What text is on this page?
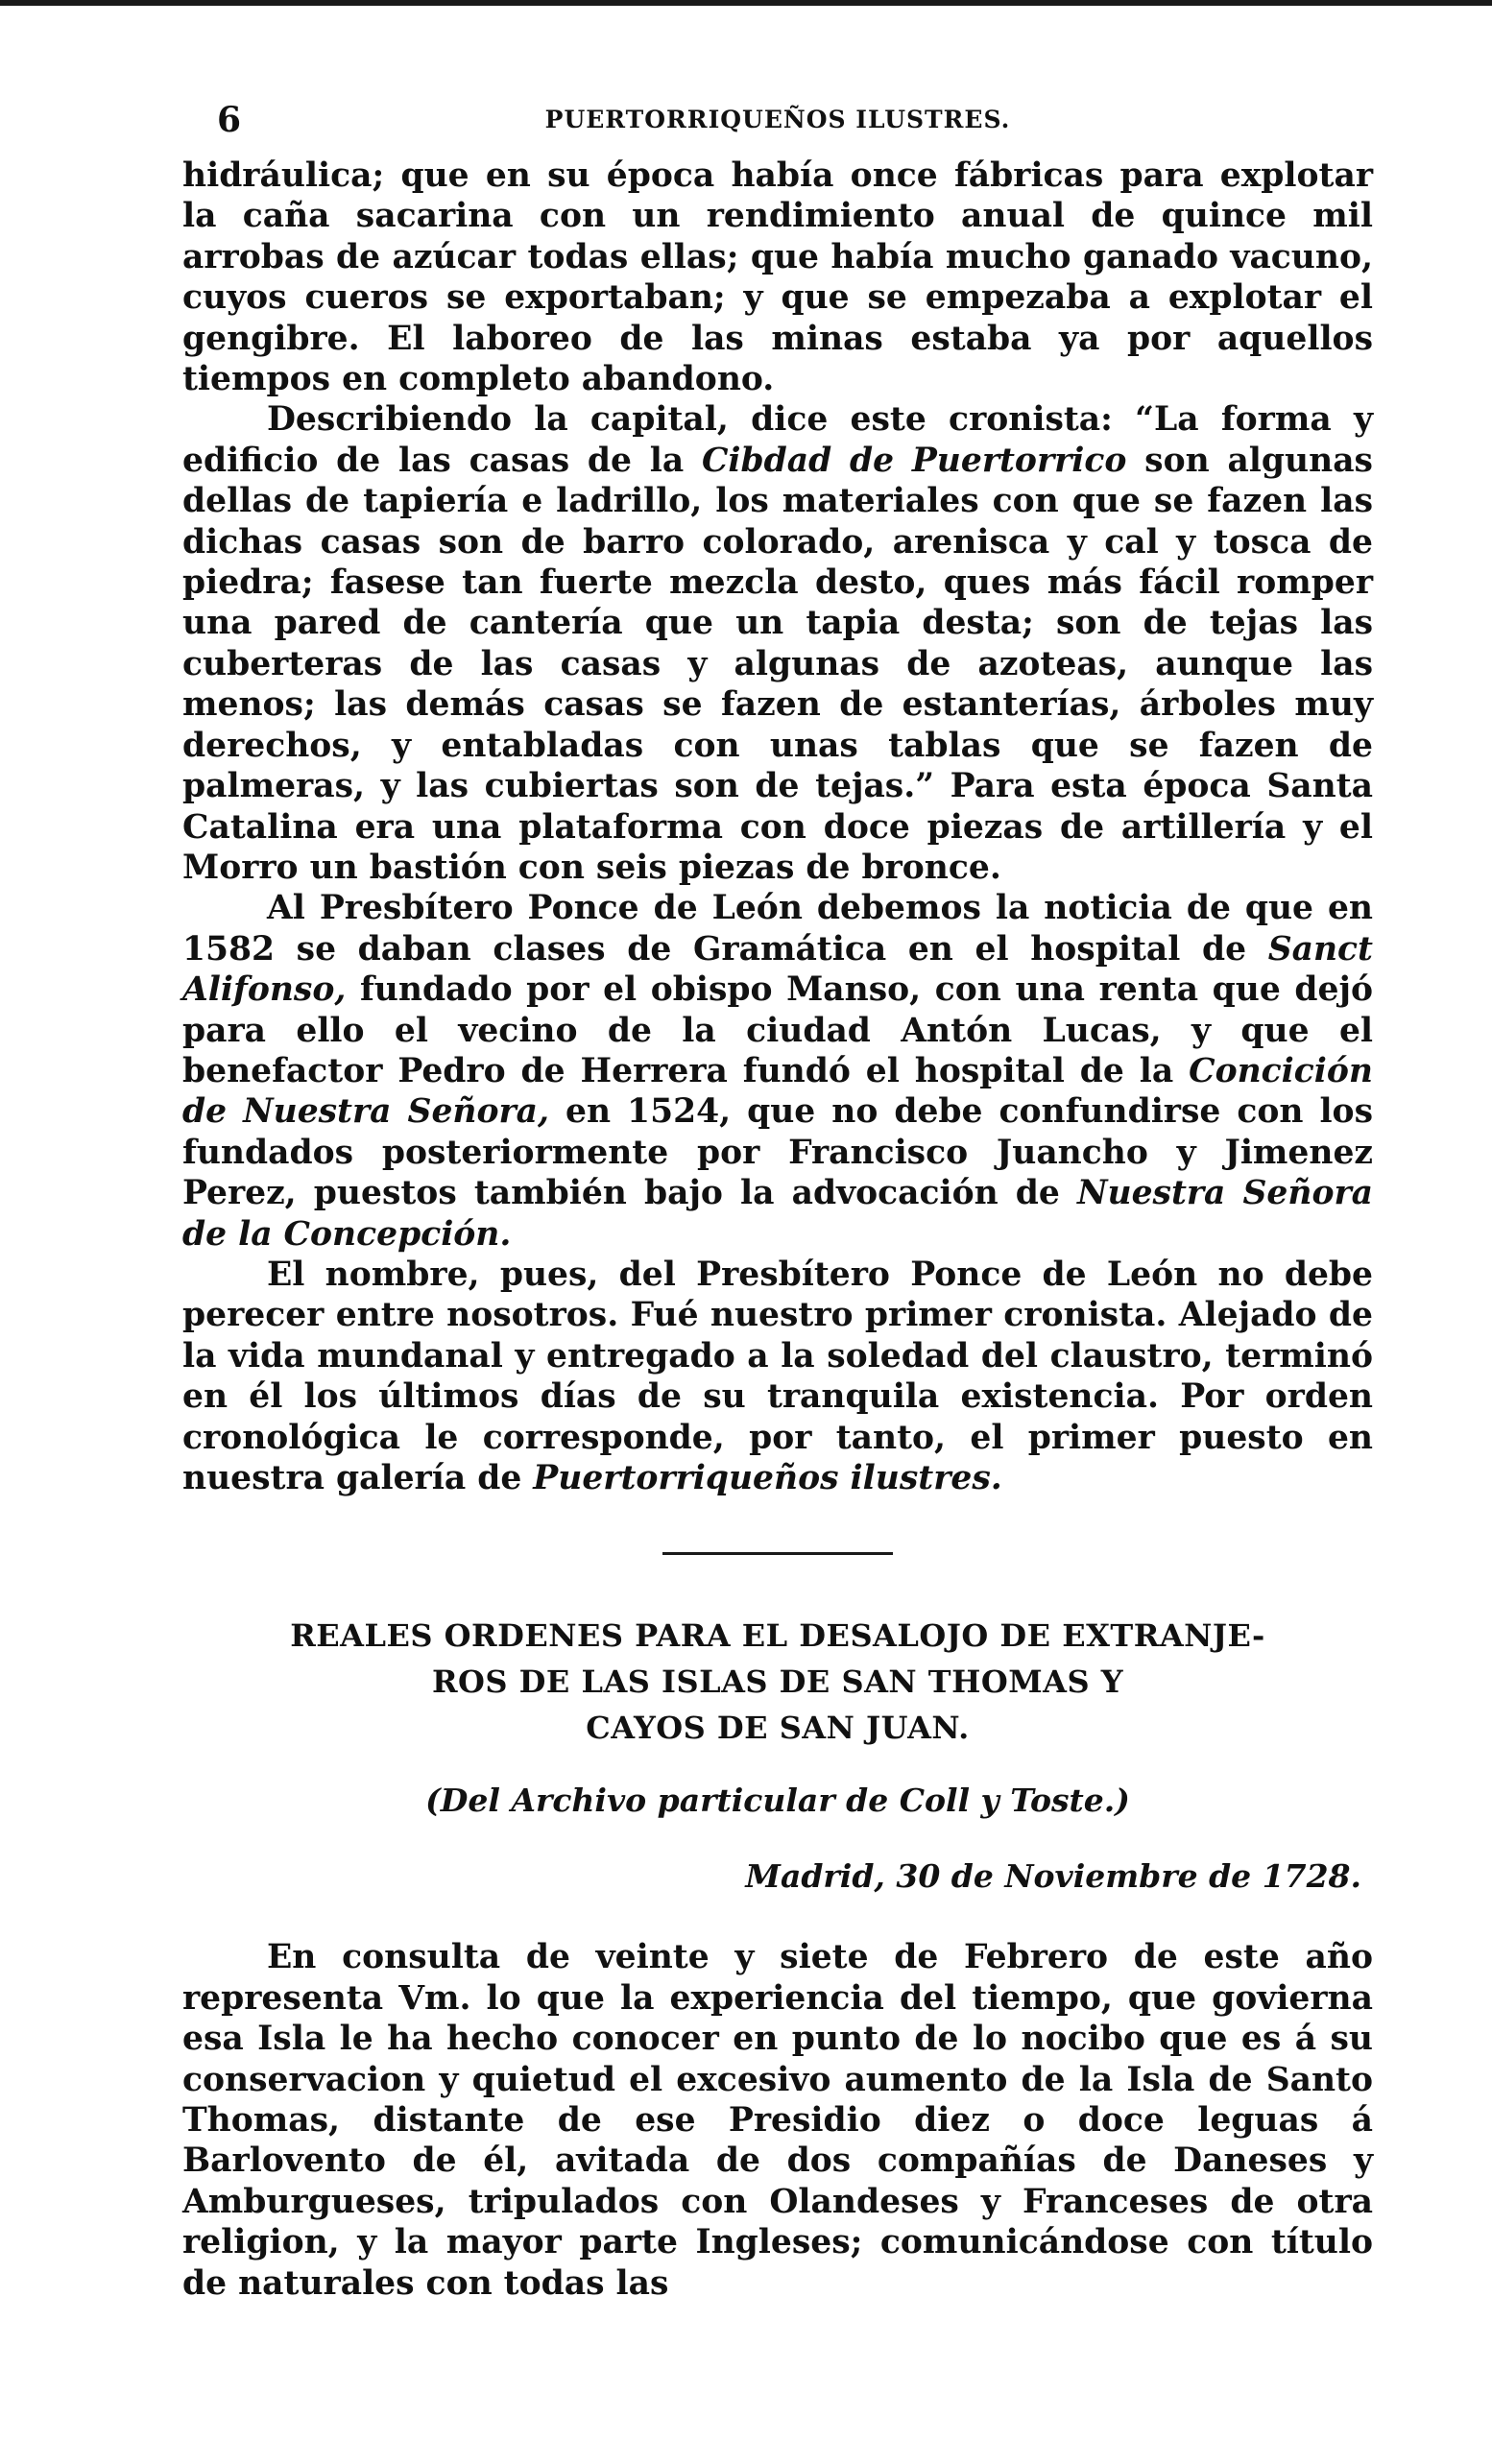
6	PUERTORRIQUEÑOS ILUSTRES.

hidráulica; que en su época había once fábricas para explotar la caña sacarina con un rendimiento anual de quince mil arrobas de azúcar todas ellas; que había mucho ganado vacuno, cuyos cueros se exportaban; y que se empezaba a explotar el gengibre. El laboreo de las minas estaba ya por aquellos tiempos en completo abandono.

Describiendo la capital, dice este cronista: “La forma y edificio de las casas de la Cibdad de Puertorrico son algunas dellas de tapiería e ladrillo, los materiales con que se fazen las dichas casas son de barro colorado, arenisca y cal y tosca de piedra; fasese tan fuerte mezcla desto, ques más fácil romper una pared de cantería que un tapia desta; son de tejas las cuberteras de las casas y algunas de azoteas, aunque las menos; las demás casas se fazen de estanterías, árboles muy derechos, y entabladas con unas tablas que se fazen de palmeras, y las cubiertas son de tejas.” Para esta época Santa Catalina era una plataforma con doce piezas de artillería y el Morro un bastión con seis piezas de bronce.

Al Presbítero Ponce de León debemos la noticia de que en 1582 se daban clases de Gramática en el hospital de Sanct Alifonso, fundado por el obispo Manso, con una renta que dejó para ello el vecino de la ciudad Antón Lucas, y que el benefactor Pedro de Herrera fundó el hospital de la Concición de Nuestra Señora, en 1524, que no debe confundirse con los fundados posteriormente por Francisco Juancho y Jimenez Perez, puestos también bajo la advocación de Nuestra Señora de la Concepción.

El nombre, pues, del Presbítero Ponce de León no debe perecer entre nosotros. Fué nuestro primer cronista. Alejado de la vida mundanal y entregado a la soledad del claustro, terminó en él los últimos días de su tranquila existencia. Por orden cronológica le corresponde, por tanto, el primer puesto en nuestra galería de Puertorriqueños ilustres.

REALES ORDENES PARA EL DESALOJO DE EXTRANJE-
ROS DE LAS ISLAS DE SAN THOMAS Y
CAYOS DE SAN JUAN.
(Del Archivo particular de Coll y Toste.)
Madrid, 30 de Noviembre de 1728.

En consulta de veinte y siete de Febrero de este año representa Vm. lo que la experiencia del tiempo, que govierna esa Isla le ha hecho conocer en punto de lo nocibo que es á su conservacion y quietud el excesivo aumento de la Isla de Santo Thomas, distante de ese Presidio diez o doce leguas á Barlovento de él, avitada de dos compañías de Daneses y Amburgueses, tripulados con Olandeses y Franceses de otra religion, y la mayor parte Ingleses; comunicándose con título de naturales con todas las
